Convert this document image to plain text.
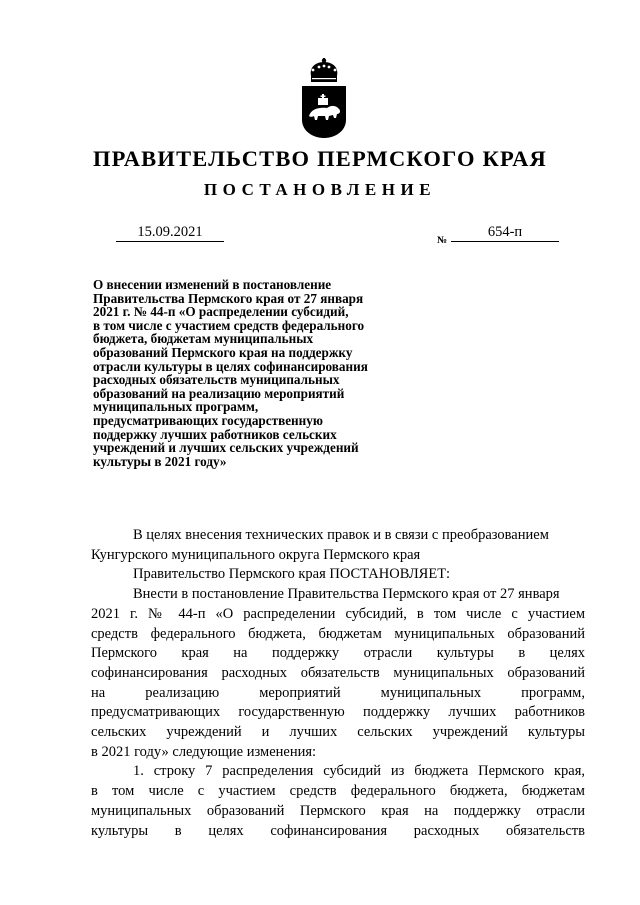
ПРАВИТЕЛЬСТВО ПЕРМСКОГО КРАЯ
ПОСТАНОВЛЕНИЕ
15.09.2021
№
654-п
О внесении изменений в постановление
Правительства Пермского края от 27 января
2021 г. № 44-п «О распределении субсидий,
в том числе с участием средств федерального
бюджета, бюджетам муниципальных
образований Пермского края на поддержку
отрасли культуры в целях софинансирования
расходных обязательств муниципальных
образований на реализацию мероприятий
муниципальных программ,
предусматривающих государственную
поддержку лучших работников сельских
учреждений и лучших сельских учреждений
культуры в 2021 году»
В целях внесения технических правок и в связи с преобразованием
Кунгурского муниципального округа Пермского края
Правительство Пермского края ПОСТАНОВЛЯЕТ:
Внести в постановление Правительства Пермского края от 27 января
2021 г. № 44-п «О распределении субсидий, в том числе с участием
средств федерального бюджета, бюджетам муниципальных образований
Пермского края на поддержку отрасли культуры в целях
софинансирования расходных обязательств муниципальных образований
на реализацию мероприятий муниципальных программ,
предусматривающих государственную поддержку лучших работников
сельских учреждений и лучших сельских учреждений культуры
в 2021 году» следующие изменения:
1. строку 7 распределения субсидий из бюджета Пермского края,
в том числе с участием средств федерального бюджета, бюджетам
муниципальных образований Пермского края на поддержку отрасли
культуры в целях софинансирования расходных обязательств
